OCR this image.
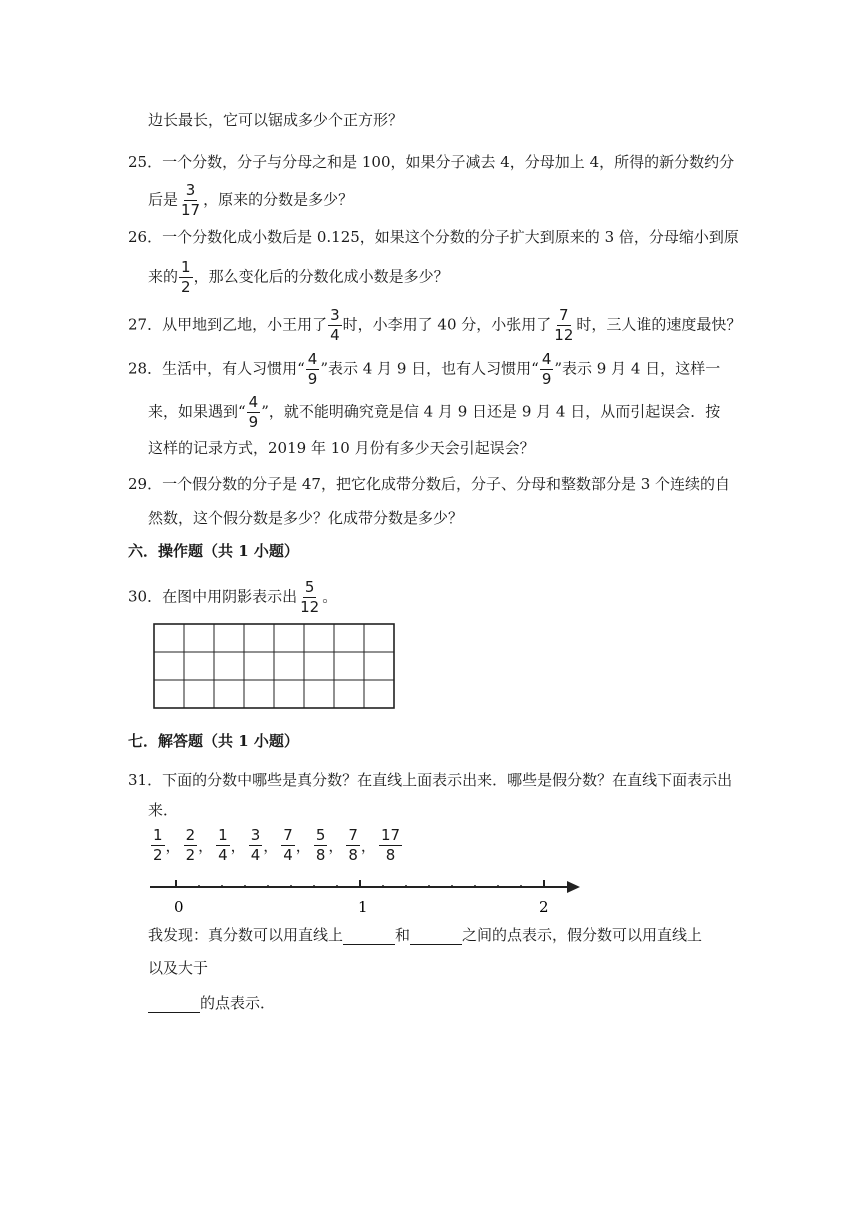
边长最长，它可以锯成多少个正方形？
25．一个分数，分子与分母之和是 100，如果分子减去 4，分母加上 4，所得的新分数约分
后是 $\frac{3}{17}$ ，原来的分数是多少？
26．一个分数化成小数后是 0.125，如果这个分数的分子扩大到原来的 3 倍，分母缩小到原
来的 $\frac{1}{2}$ ，那么变化后的分数化成小数是多少？
27．从甲地到乙地，小王用了 $\frac{3}{4}$ 时，小李用了 40 分，小张用了 $\frac{7}{12}$ 时，三人谁的速度最快？
28．生活中，有人习惯用“ $\frac{4}{9}$ ”表示 4 月 9 日，也有人习惯用“ $\frac{4}{9}$ ”表示 9 月 4 日，这样一
来，如果遇到“ $\frac{4}{9}$ ”，就不能明确究竟是信 4 月 9 日还是 9 月 4 日，从而引起误会．按
这样的记录方式，2019 年 10 月份有多少天会引起误会？
29．一个假分数的分子是 47，把它化成带分数后，分子、分母和整数部分是 3 个连续的自
然数，这个假分数是多少？化成带分数是多少？
六．操作题（共 1 小题）
30．在图中用阴影表示出 $\frac{5}{12}$ 。
七．解答题（共 1 小题）
31．下面的分数中哪些是真分数？在直线上面表示出来．哪些是假分数？在直线下面表示出
来．
$\frac{1}{2}$ ， $\frac{2}{2}$ ， $\frac{1}{4}$ ， $\frac{3}{4}$ ， $\frac{7}{4}$ ， $\frac{5}{8}$ ， $\frac{7}{8}$ ， $\frac{17}{8}$
0	1	2
我发现：真分数可以用直线上	和	之间的点表示，假分数可以用直线上
以及大于
的点表示．
